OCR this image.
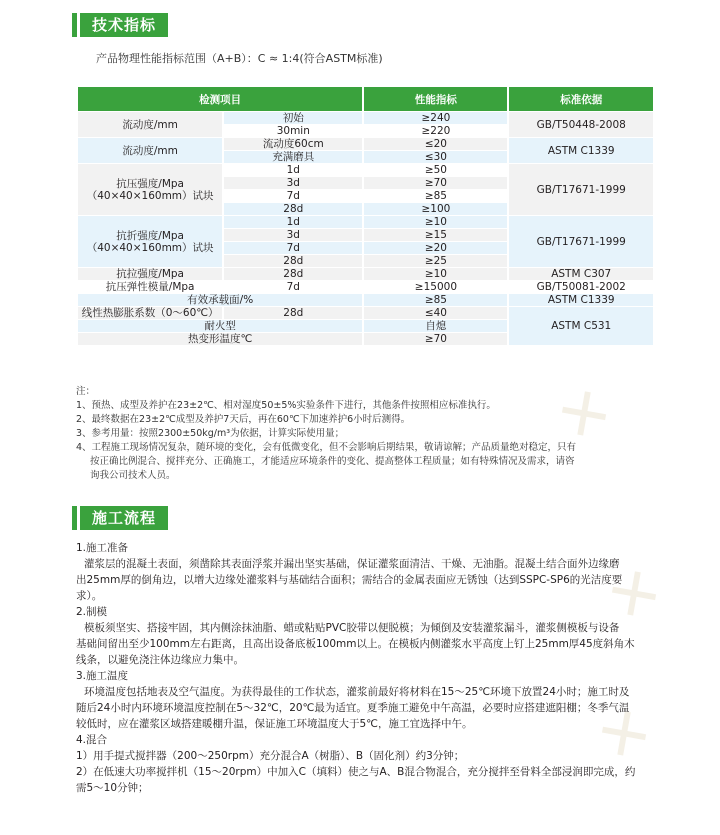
✕
✕
✕
技术指标
产品物理性能指标范围（A+B）：C ≈ 1:4(符合ASTM标准)
检测项目		性能指标	标准依据
流动度/mm	初始	≥240	GB/T50448-2008
	30min	≥220	
流动度/mm	流动度60cm	≤20	ASTM C1339
	充满磨具	≤30	
抗压强度/Mpa
（40×40×160mm）试块	1d	≥50	GB/T17671-1999
	3d	≥70	
	7d	≥85	
	28d	≥100	
抗折强度/Mpa
（40×40×160mm）试块	1d	≥10	GB/T17671-1999
	3d	≥15	
	7d	≥20	
	28d	≥25	
抗拉强度/Mpa	28d	≥10	ASTM C307
抗压弹性模量/Mpa	7d	≥15000	GB/T50081-2002
有效承载面/%		≥85	ASTM C1339
线性热膨胀系数（0～60℃）	28d	≤40	ASTM C531
耐火型		自熄	
热变形温度℃		≥70	

注：

1、预热、成型及养护在23±2℃、相对湿度50±5%实验条件下进行，其他条件按照相应标准执行。

2、最终数据在23±2℃成型及养护7天后，再在60℃下加速养护6小时后测得。

3、参考用量：按照2300±50kg/m³为依据，计算实际使用量；

4、工程施工现场情况复杂，随环境的变化，会有低微变化，但不会影响后期结果，敬请谅解；产品质量绝对稳定，只有

按正确比例混合、搅拌充分、正确施工，才能适应环境条件的变化、提高整体工程质量；如有特殊情况及需求，请咨

询我公司技术人员。

施工流程

1.施工准备

灌浆层的混凝土表面，须凿除其表面浮浆并漏出坚实基础，保证灌浆面清洁、干燥、无油脂。混凝土结合面外边缘磨

出25mm厚的倒角边，以增大边缘处灌浆料与基础结合面积；需结合的金属表面应无锈蚀（达到SSPC-SP6的光洁度要

求）。

2.制模

模板须坚实、搭接牢固，其内侧涂抹油脂、蜡或粘贴PVC胶带以便脱模；为倾倒及安装灌浆漏斗，灌浆侧模板与设备

基础间留出至少100mm左右距离，且高出设备底板100mm以上。在模板内侧灌浆水平高度上钉上25mm厚45度斜角木

线条，以避免浇注体边缘应力集中。

3.施工温度

环境温度包括地表及空气温度。为获得最佳的工作状态，灌浆前最好将材料在15～25℃环境下放置24小时；施工时及

随后24小时内环境环境温度控制在5～32℃，20℃最为适宜。夏季施工避免中午高温，必要时应搭建遮阳棚；冬季气温

较低时，应在灌浆区域搭建暖棚升温，保证施工环境温度大于5℃，施工宜选择中午。

4.混合

1）用手提式搅拌器（200～250rpm）充分混合A（树脂）、B（固化剂）约3分钟；

2）在低速大功率搅拌机（15～20rpm）中加入C（填料）使之与A、B混合物混合，充分搅拌至骨料全部浸润即完成，约

需5～10分钟；
